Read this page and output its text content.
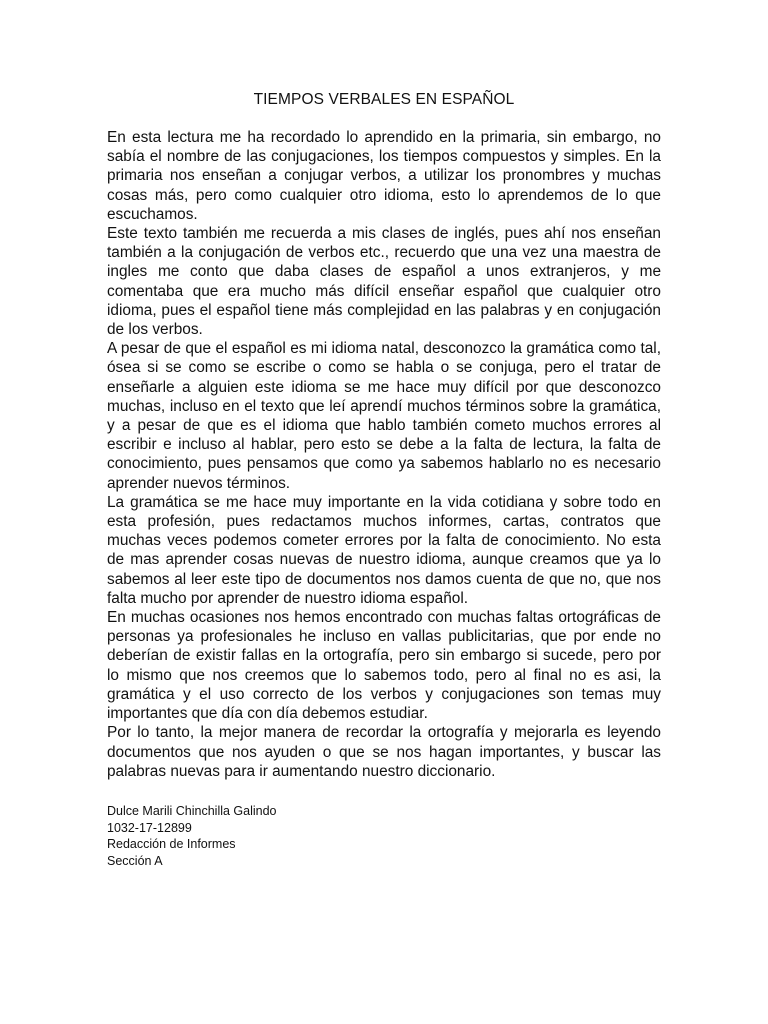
TIEMPOS VERBALES EN ESPAÑOL

En esta lectura me ha recordado lo aprendido en la primaria, sin embargo, no sabía el nombre de las conjugaciones, los tiempos compuestos y simples. En la primaria nos enseñan a conjugar verbos, a utilizar los pronombres y muchas cosas más, pero como cualquier otro idioma, esto lo aprendemos de lo que escuchamos.

Este texto también me recuerda a mis clases de inglés, pues ahí nos enseñan también a la conjugación de verbos etc., recuerdo que una vez una maestra de ingles me conto que daba clases de español a unos extranjeros, y me comentaba que era mucho más difícil enseñar español que cualquier otro idioma, pues el español tiene más complejidad en las palabras y en conjugación de los verbos.

A pesar de que el español es mi idioma natal, desconozco la gramática como tal, ósea si se como se escribe o como se habla o se conjuga, pero el tratar de enseñarle a alguien este idioma se me hace muy difícil por que desconozco muchas, incluso en el texto que leí aprendí muchos términos sobre la gramática, y a pesar de que es el idioma que hablo también cometo muchos errores al escribir e incluso al hablar, pero esto se debe a la falta de lectura, la falta de conocimiento, pues pensamos que como ya sabemos hablarlo no es necesario aprender nuevos términos.

La gramática se me hace muy importante en la vida cotidiana y sobre todo en esta profesión, pues redactamos muchos informes, cartas, contratos que muchas veces podemos cometer errores por la falta de conocimiento. No esta de mas aprender cosas nuevas de nuestro idioma, aunque creamos que ya lo sabemos al leer este tipo de documentos nos damos cuenta de que no, que nos falta mucho por aprender de nuestro idioma español.

En muchas ocasiones nos hemos encontrado con muchas faltas ortográficas de personas ya profesionales he incluso en vallas publicitarias, que por ende no deberían de existir fallas en la ortografía, pero sin embargo si sucede, pero por lo mismo que nos creemos que lo sabemos todo, pero al final no es asi, la gramática y el uso correcto de los verbos y conjugaciones son temas muy importantes que día con día debemos estudiar.

Por lo tanto, la mejor manera de recordar la ortografía y mejorarla es leyendo documentos que nos ayuden o que se nos hagan importantes, y buscar las palabras nuevas para ir aumentando nuestro diccionario.

Dulce Marili Chinchilla Galindo
1032-17-12899
Redacción de Informes
Sección A
